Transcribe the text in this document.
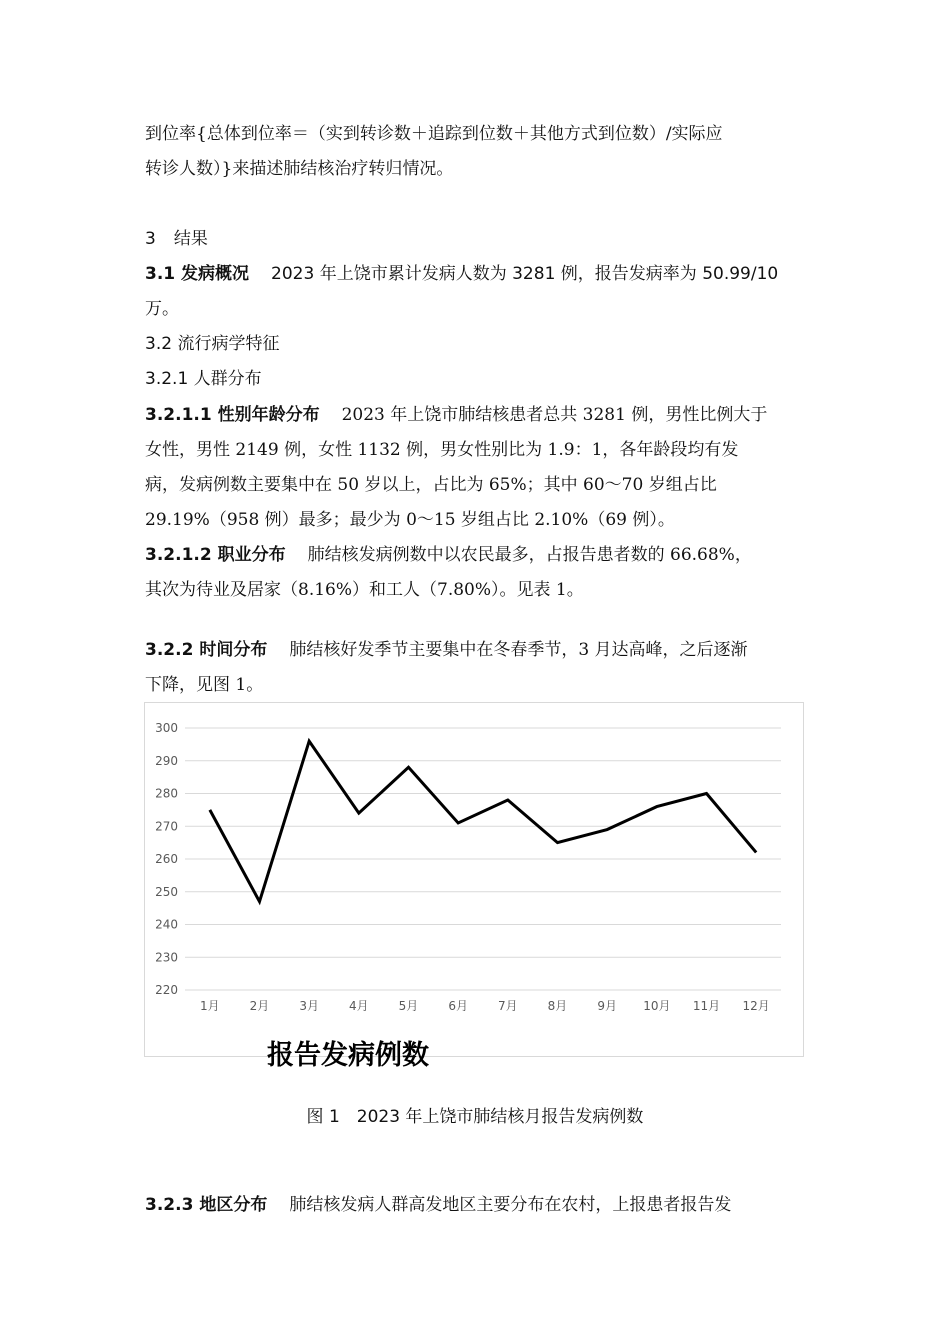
到位率{总体到位率＝（实到转诊数＋追踪到位数＋其他方式到位数）/实际应

转诊人数）}来描述肺结核治疗转归情况。

3 结果

3.1 发病概况 2023 年上饶市累计发病人数为 3281 例，报告发病率为 50.99/10

万。

3.2 流行病学特征

3.2.1 人群分布

3.2.1.1 性别年龄分布 2023 年上饶市肺结核患者总共 3281 例，男性比例大于

女性，男性 2149 例，女性 1132 例，男女性别比为 1.9：1，各年龄段均有发

病，发病例数主要集中在 50 岁以上，占比为 65%；其中 60～70 岁组占比

29.19%（958 例）最多；最少为 0～15 岁组占比 2.10%（69 例）。

3.2.1.2 职业分布 肺结核发病例数中以农民最多，占报告患者数的 66.68%，

其次为待业及居家（8.16%）和工人（7.80%）。见表 1。

3.2.2 时间分布 肺结核好发季节主要集中在冬春季节，3 月达高峰，之后逐渐

下降，见图 1。

220
230
240
250
260
270
280
290
300
1月	2月	3月	4月	5月	6月	7月	8月	9月 10月 11月 12月
报告发病例数
图 1　2023 年上饶市肺结核月报告发病例数

3.2.3 地区分布 肺结核发病人群高发地区主要分布在农村，上报患者报告发
